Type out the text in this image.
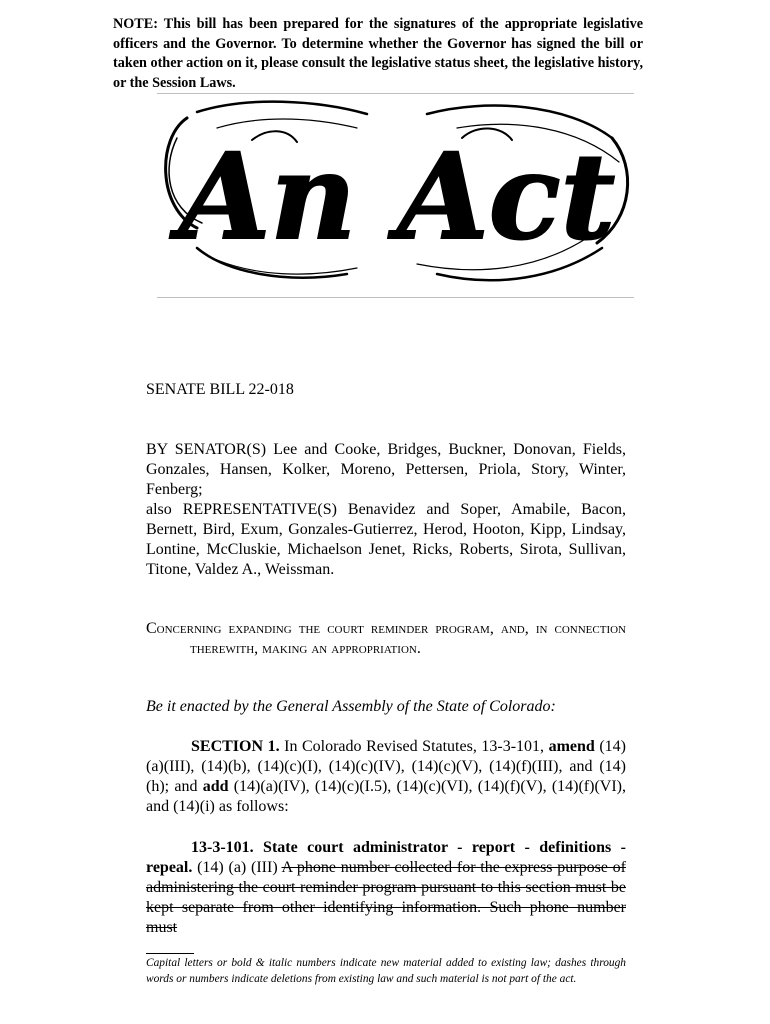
NOTE: This bill has been prepared for the signatures of the appropriate legislative officers and the Governor. To determine whether the Governor has signed the bill or taken other action on it, please consult the legislative status sheet, the legislative history, or the Session Laws.
An Act
SENATE BILL 22-018

BY SENATOR(S) Lee and Cooke, Bridges, Buckner, Donovan, Fields, Gonzales, Hansen, Kolker, Moreno, Pettersen, Priola, Story, Winter, Fenberg;

also REPRESENTATIVE(S) Benavidez and Soper, Amabile, Bacon, Bernett, Bird, Exum, Gonzales-Gutierrez, Herod, Hooton, Kipp, Lindsay, Lontine, McCluskie, Michaelson Jenet, Ricks, Roberts, Sirota, Sullivan, Titone, Valdez A., Weissman.

Concerning expanding the court reminder program, and, in connection therewith, making an appropriation.
Be it enacted by the General Assembly of the State of Colorado:
SECTION 1. In Colorado Revised Statutes, 13-3-101, amend (14)(a)(III), (14)(b), (14)(c)(I), (14)(c)(IV), (14)(c)(V), (14)(f)(III), and (14)(h); and add (14)(a)(IV), (14)(c)(I.5), (14)(c)(VI), (14)(f)(V), (14)(f)(VI), and (14)(i) as follows:
13-3-101. State court administrator - report - definitions - repeal. (14) (a) (III) A phone number collected for the express purpose of administering the court reminder program pursuant to this section must be kept separate from other identifying information. Such phone number must
Capital letters or bold & italic numbers indicate new material added to existing law; dashes through words or numbers indicate deletions from existing law and such material is not part of the act.
